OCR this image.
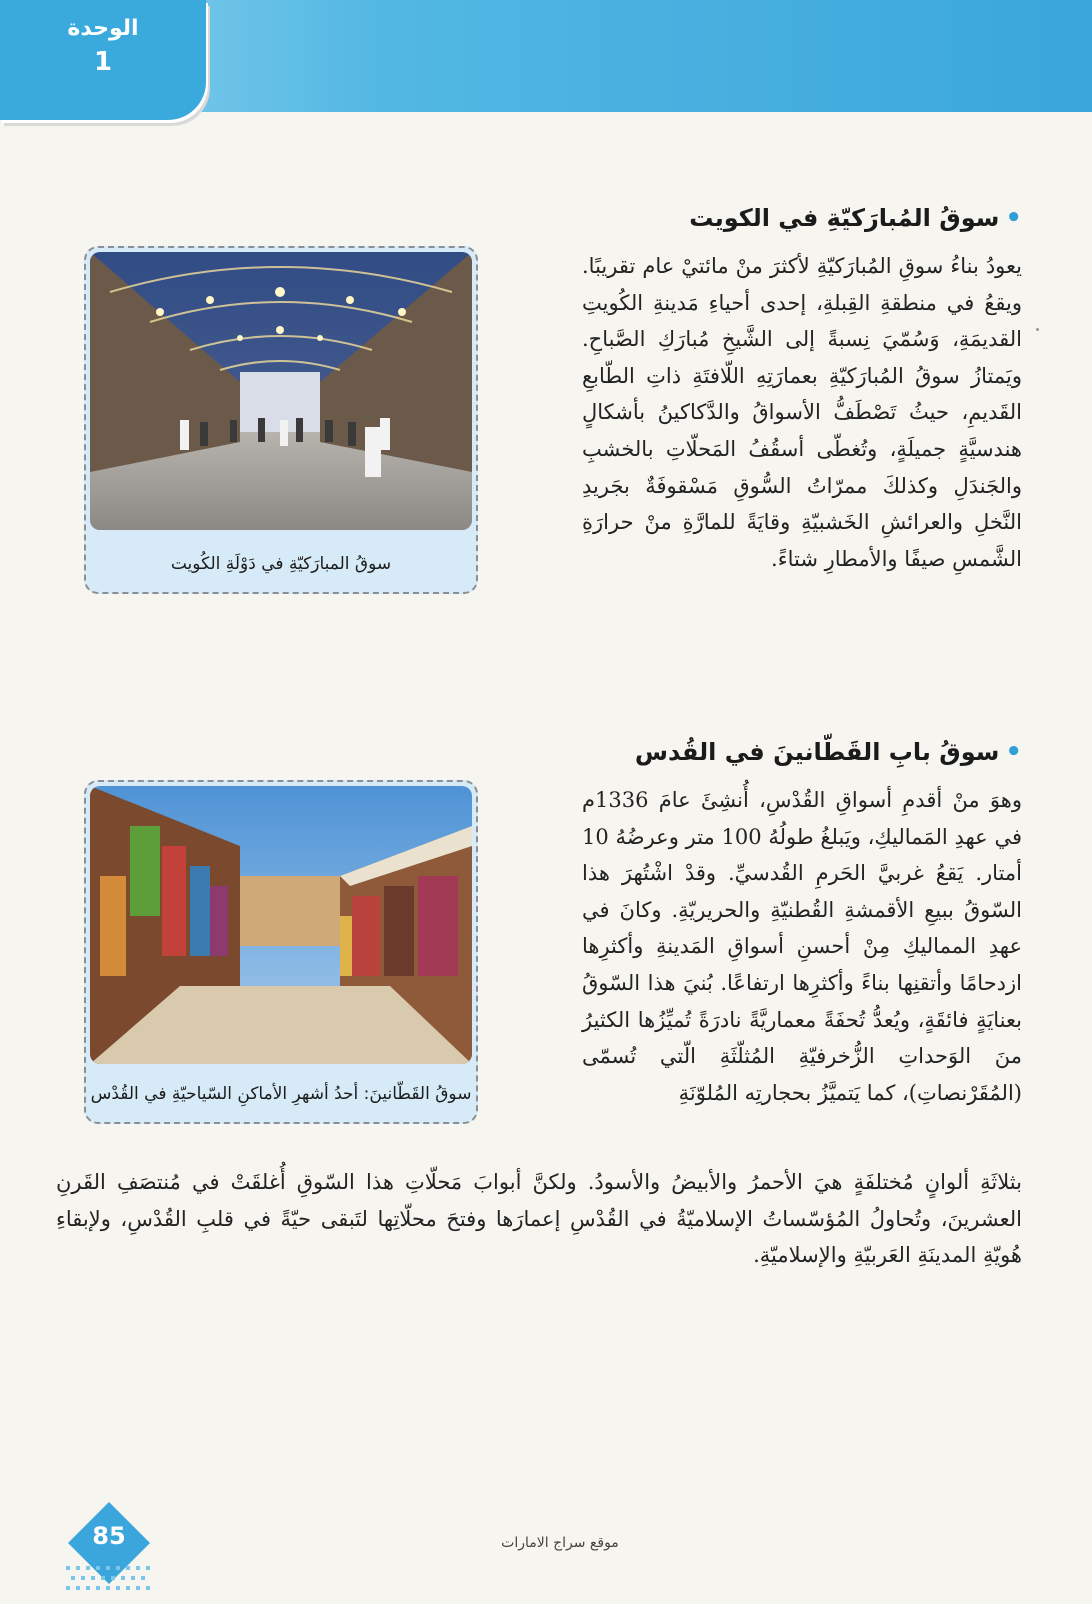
الوحدة
1
•سوقُ المُبارَكيّةِ في الكويت
يعودُ بناءُ سوقِ المُبارَكيّةِ لأكثرَ منْ مائتيْ عام تقريبًا. ويقعُ في منطقةِ القِبلةِ، إحدى أحياءِ مَدينةِ الكُويتِ القديمَةِ، وَسُمّيَ نِسبةً إلى الشَّيخِ مُبارَكِ الصَّباحِ. ويَمتازُ سوقُ المُبارَكيّةِ بعمارَتِهِ اللّافتَةِ ذاتِ الطّابعِ القَديمِ، حيثُ تَصْطَفُّ الأسواقُ والدَّكاكينُ بأشكالٍ هندسيَّةٍ جميلَةٍ، وتُغطّى أسقُفُ المَحلّاتِ بالخشبِ والجَندَلِ وكذلكَ ممرّاتُ السُّوقِ مَسْقوفَةٌ بجَريدِ النَّخلِ والعرائشِ الخَشبيّةِ وقايَةً للمارَّةِ منْ حرارَةِ الشَّمسِ صيفًا والأمطارِ شتاءً.
سوقُ المبارَكيّةِ في دَوْلَةِ الكُويت
•سوقُ بابِ القَطّانينَ في القُدس
وهوَ منْ أقدمِ أسواقِ القُدْسِ، أُنشِئَ عامَ 1336م في عهدِ المَماليكِ، ويَبلغُ طولُهُ 100 متر وعرضُهُ 10 أمتار. يَقعُ غربيَّ الحَرمِ القُدسيِّ. وقدْ اشْتُهرَ هذا السّوقُ ببيعِ الأقمشةِ القُطنيّةِ والحريريّةِ. وكانَ في عهدِ المماليكِ مِنْ أحسنِ أسواقِ المَدينةِ وأكثرِها ازدحامًا وأتقنِها بناءً وأكثرِها ارتفاعًا. بُنيَ هذا السّوقُ بعنايَةٍ فائقَةٍ، ويُعدُّ تُحفَةً معماريَّةً نادرَةً تُميِّزُها الكثيرُ منَ الوَحداتِ الزُّخرفيّةِ المُثلّثَةِ الّتي تُسمّى (المُقَرْنصاتِ)، كما يَتميَّزُ بحجارتِه المُلوّنَةِ
بثلاثَةِ ألوانٍ مُختلفَةٍ هيَ الأحمرُ والأبيضُ والأسودُ. ولكنَّ أبوابَ مَحلّاتِ هذا السّوقِ أُغلقَتْ في مُنتصَفِ القَرنِ العشرينَ، وتُحاولُ المُؤسّساتُ الإسلاميّةُ في القُدْسِ إعمارَها وفتحَ محلّاتِها لتَبقى حيّةً في قلبِ القُدْسِ، ولإبقاءِ هُويّةِ المدينَةِ العَربيّةِ والإسلاميّةِ.
سوقُ القَطّانينَ: أحدُ أشهرِ الأماكنِ السّياحيّةِ في القُدْس
موقع سراج الامارات
85
